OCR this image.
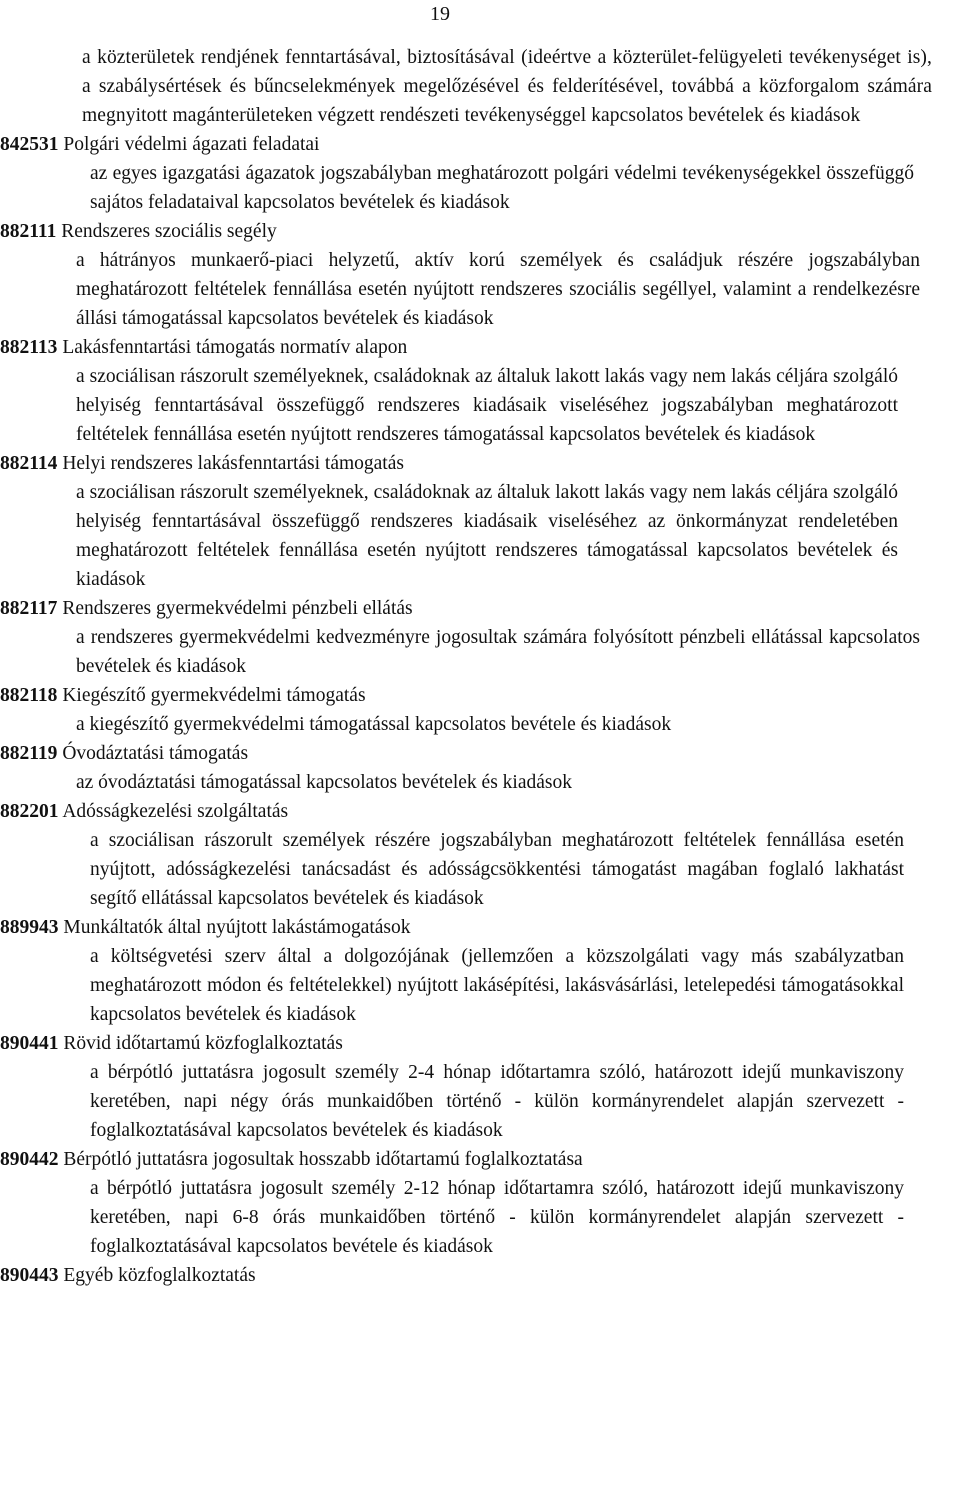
19

a közterületek rendjének fenntartásával, biztosításával (ideértve a közterület-felügyeleti tevékenységet is), a szabálysértések és bűncselekmények megelőzésével és felderítésével, továbbá a közforgalom számára megnyitott magánterületeken végzett rendészeti tevékenységgel kapcsolatos bevételek és kiadások

842531 Polgári védelmi ágazati feladatai

az egyes igazgatási ágazatok jogszabályban meghatározott polgári védelmi tevékenységekkel összefüggő sajátos feladataival kapcsolatos bevételek és kiadások

882111 Rendszeres szociális segély

a hátrányos munkaerő-piaci helyzetű, aktív korú személyek és családjuk részére jogszabályban meghatározott feltételek fennállása esetén nyújtott rendszeres szociális segéllyel, valamint a rendelkezésre állási támogatással kapcsolatos bevételek és kiadások

882113 Lakásfenntartási támogatás normatív alapon

a szociálisan rászorult személyeknek, családoknak az általuk lakott lakás vagy nem lakás céljára szolgáló helyiség fenntartásával összefüggő rendszeres kiadásaik viseléséhez jogszabályban meghatározott feltételek fennállása esetén nyújtott rendszeres támogatással kapcsolatos bevételek és kiadások

882114 Helyi rendszeres lakásfenntartási támogatás

a szociálisan rászorult személyeknek, családoknak az általuk lakott lakás vagy nem lakás céljára szolgáló helyiség fenntartásával összefüggő rendszeres kiadásaik viseléséhez az önkormányzat rendeletében meghatározott feltételek fennállása esetén nyújtott rendszeres támogatással kapcsolatos bevételek és kiadások

882117 Rendszeres gyermekvédelmi pénzbeli ellátás

a rendszeres gyermekvédelmi kedvezményre jogosultak számára folyósított pénzbeli ellátással kapcsolatos bevételek és kiadások

882118 Kiegészítő gyermekvédelmi támogatás

a kiegészítő gyermekvédelmi támogatással kapcsolatos bevétele és kiadások

882119 Óvodáztatási támogatás

az óvodáztatási támogatással kapcsolatos bevételek és kiadások

882201 Adósságkezelési szolgáltatás

a szociálisan rászorult személyek részére jogszabályban meghatározott feltételek fennállása esetén nyújtott, adósságkezelési tanácsadást és adósságcsökkentési támogatást magában foglaló lakhatást segítő ellátással kapcsolatos bevételek és kiadások

889943 Munkáltatók által nyújtott lakástámogatások

a költségvetési szerv által a dolgozójának (jellemzően a közszolgálati vagy más szabályzatban meghatározott módon és feltételekkel) nyújtott lakásépítési, lakásvásárlási, letelepedési támogatásokkal kapcsolatos bevételek és kiadások

890441 Rövid időtartamú közfoglalkoztatás

a bérpótló juttatásra jogosult személy 2-4 hónap időtartamra szóló, határozott idejű munkaviszony keretében, napi négy órás munkaidőben történő - külön kormányrendelet alapján szervezett - foglalkoztatásával kapcsolatos bevételek és kiadások

890442 Bérpótló juttatásra jogosultak hosszabb időtartamú foglalkoztatása

a bérpótló juttatásra jogosult személy 2-12 hónap időtartamra szóló, határozott idejű munkaviszony keretében, napi 6-8 órás munkaidőben történő - külön kormányrendelet alapján szervezett - foglalkoztatásával kapcsolatos bevétele és kiadások

890443 Egyéb közfoglalkoztatás
